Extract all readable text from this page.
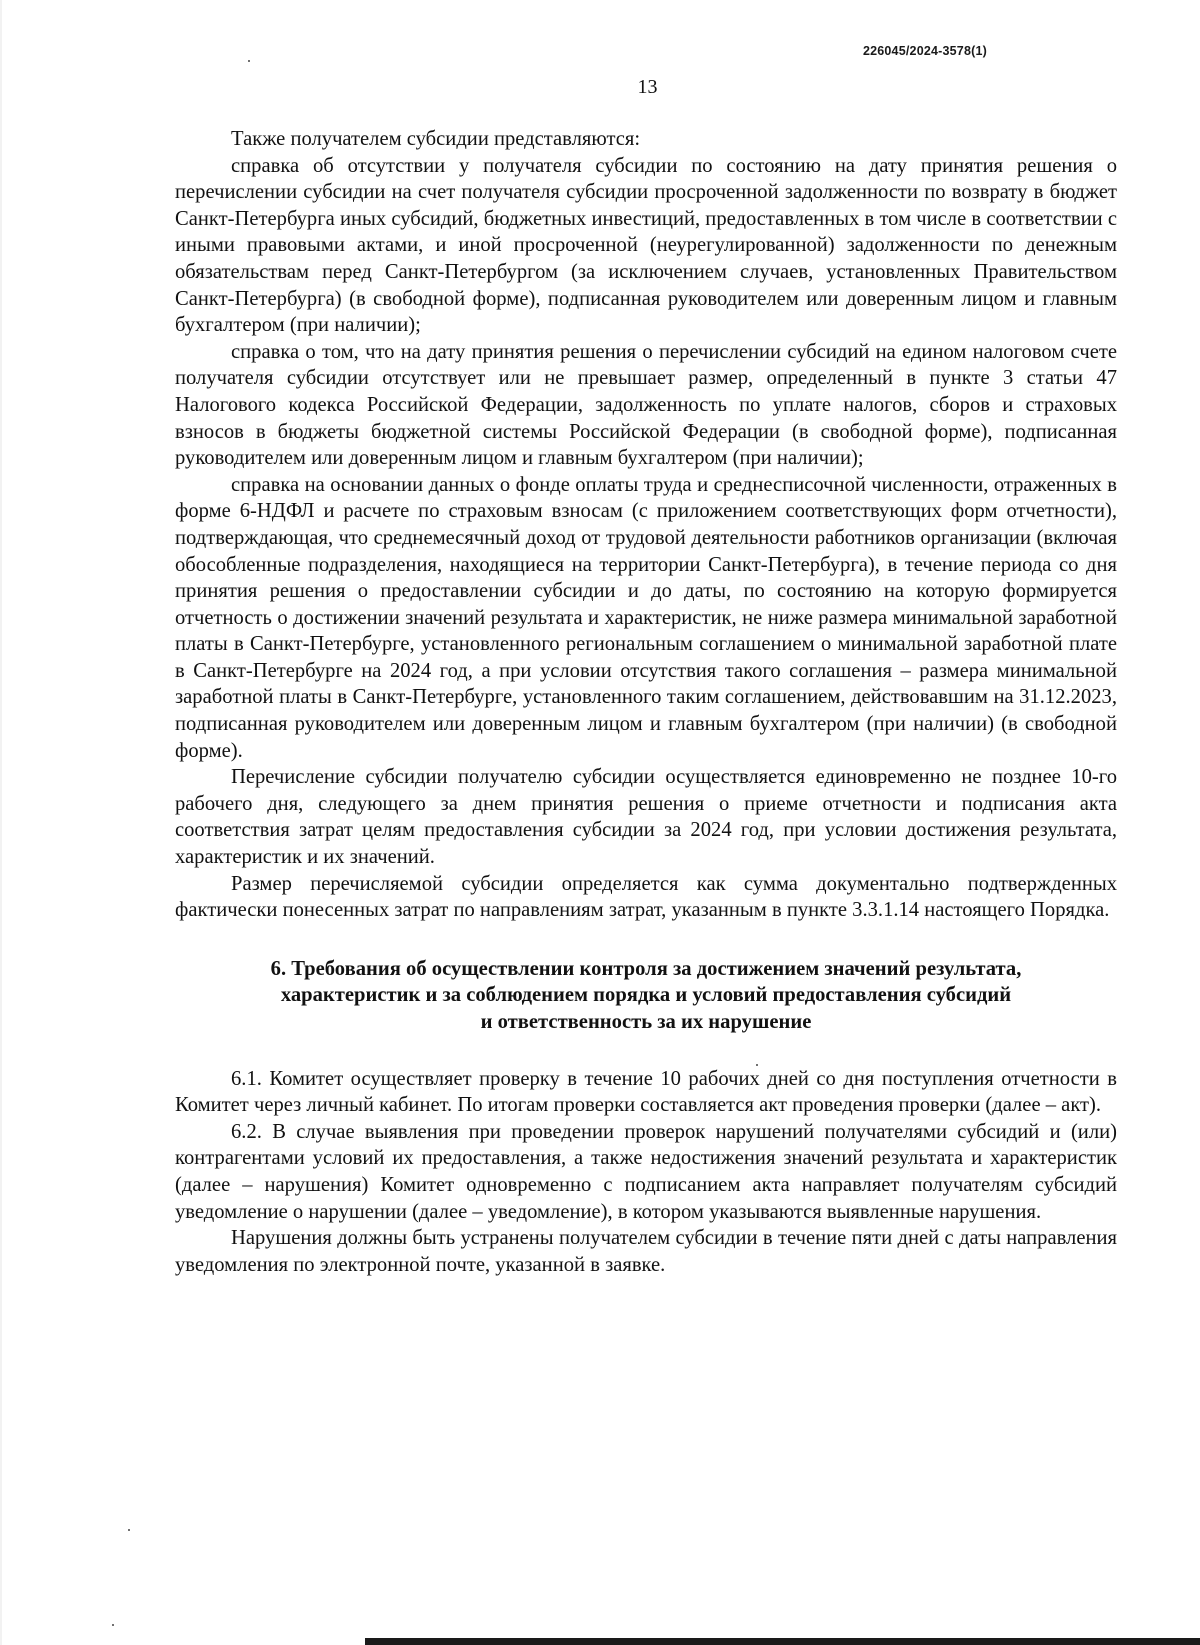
226045/2024-3578(1)
13

Также получателем субсидии представляются:

справка об отсутствии у получателя субсидии по состоянию на дату принятия решения о перечислении субсидии на счет получателя субсидии просроченной задолженности по возврату в бюджет Санкт-Петербурга иных субсидий, бюджетных инвестиций, предоставленных в том числе в соответствии с иными правовыми актами, и иной просроченной (неурегулированной) задолженности по денежным обязательствам перед Санкт-Петербургом (за исключением случаев, установленных Правительством Санкт-Петербурга) (в свободной форме), подписанная руководителем или доверенным лицом и главным бухгалтером (при наличии);

справка о том, что на дату принятия решения о перечислении субсидий на едином налоговом счете получателя субсидии отсутствует или не превышает размер, определенный в пункте 3 статьи 47 Налогового кодекса Российской Федерации, задолженность по уплате налогов, сборов и страховых взносов в бюджеты бюджетной системы Российской Федерации (в свободной форме), подписанная руководителем или доверенным лицом и главным бухгалтером (при наличии);

справка на основании данных о фонде оплаты труда и среднесписочной численности, отраженных в форме 6-НДФЛ и расчете по страховым взносам (с приложением соответствующих форм отчетности), подтверждающая, что среднемесячный доход от трудовой деятельности работников организации (включая обособленные подразделения, находящиеся на территории Санкт-Петербурга), в течение периода со дня принятия решения о предоставлении субсидии и до даты, по состоянию на которую формируется отчетность о достижении значений результата и характеристик, не ниже размера минимальной заработной платы в Санкт-Петербурге, установленного региональным соглашением о минимальной заработной плате в Санкт-Петербурге на 2024 год, а при условии отсутствия такого соглашения – размера минимальной заработной платы в Санкт-Петербурге, установленного таким соглашением, действовавшим на 31.12.2023, подписанная руководителем или доверенным лицом и главным бухгалтером (при наличии) (в свободной форме).

Перечисление субсидии получателю субсидии осуществляется единовременно не позднее 10-го рабочего дня, следующего за днем принятия решения о приеме отчетности и подписания акта соответствия затрат целям предоставления субсидии за 2024 год, при условии достижения результата, характеристик и их значений.

Размер перечисляемой субсидии определяется как сумма документально подтвержденных фактически понесенных затрат по направлениям затрат, указанным в пункте 3.3.1.14 настоящего Порядка.

6. Требования об осуществлении контроля за достижением значений результата,
характеристик и за соблюдением порядка и условий предоставления субсидий
и ответственность за их нарушение

6.1. Комитет осуществляет проверку в течение 10 рабочих дней со дня поступления отчетности в Комитет через личный кабинет. По итогам проверки составляется акт проведения проверки (далее – акт).

6.2. В случае выявления при проведении проверок нарушений получателями субсидий и (или) контрагентами условий их предоставления, а также недостижения значений результата и характеристик (далее – нарушения) Комитет одновременно с подписанием акта направляет получателям субсидий уведомление о нарушении (далее – уведомление), в котором указываются выявленные нарушения.

Нарушения должны быть устранены получателем субсидии в течение пяти дней с даты направления уведомления по электронной почте, указанной в заявке.
